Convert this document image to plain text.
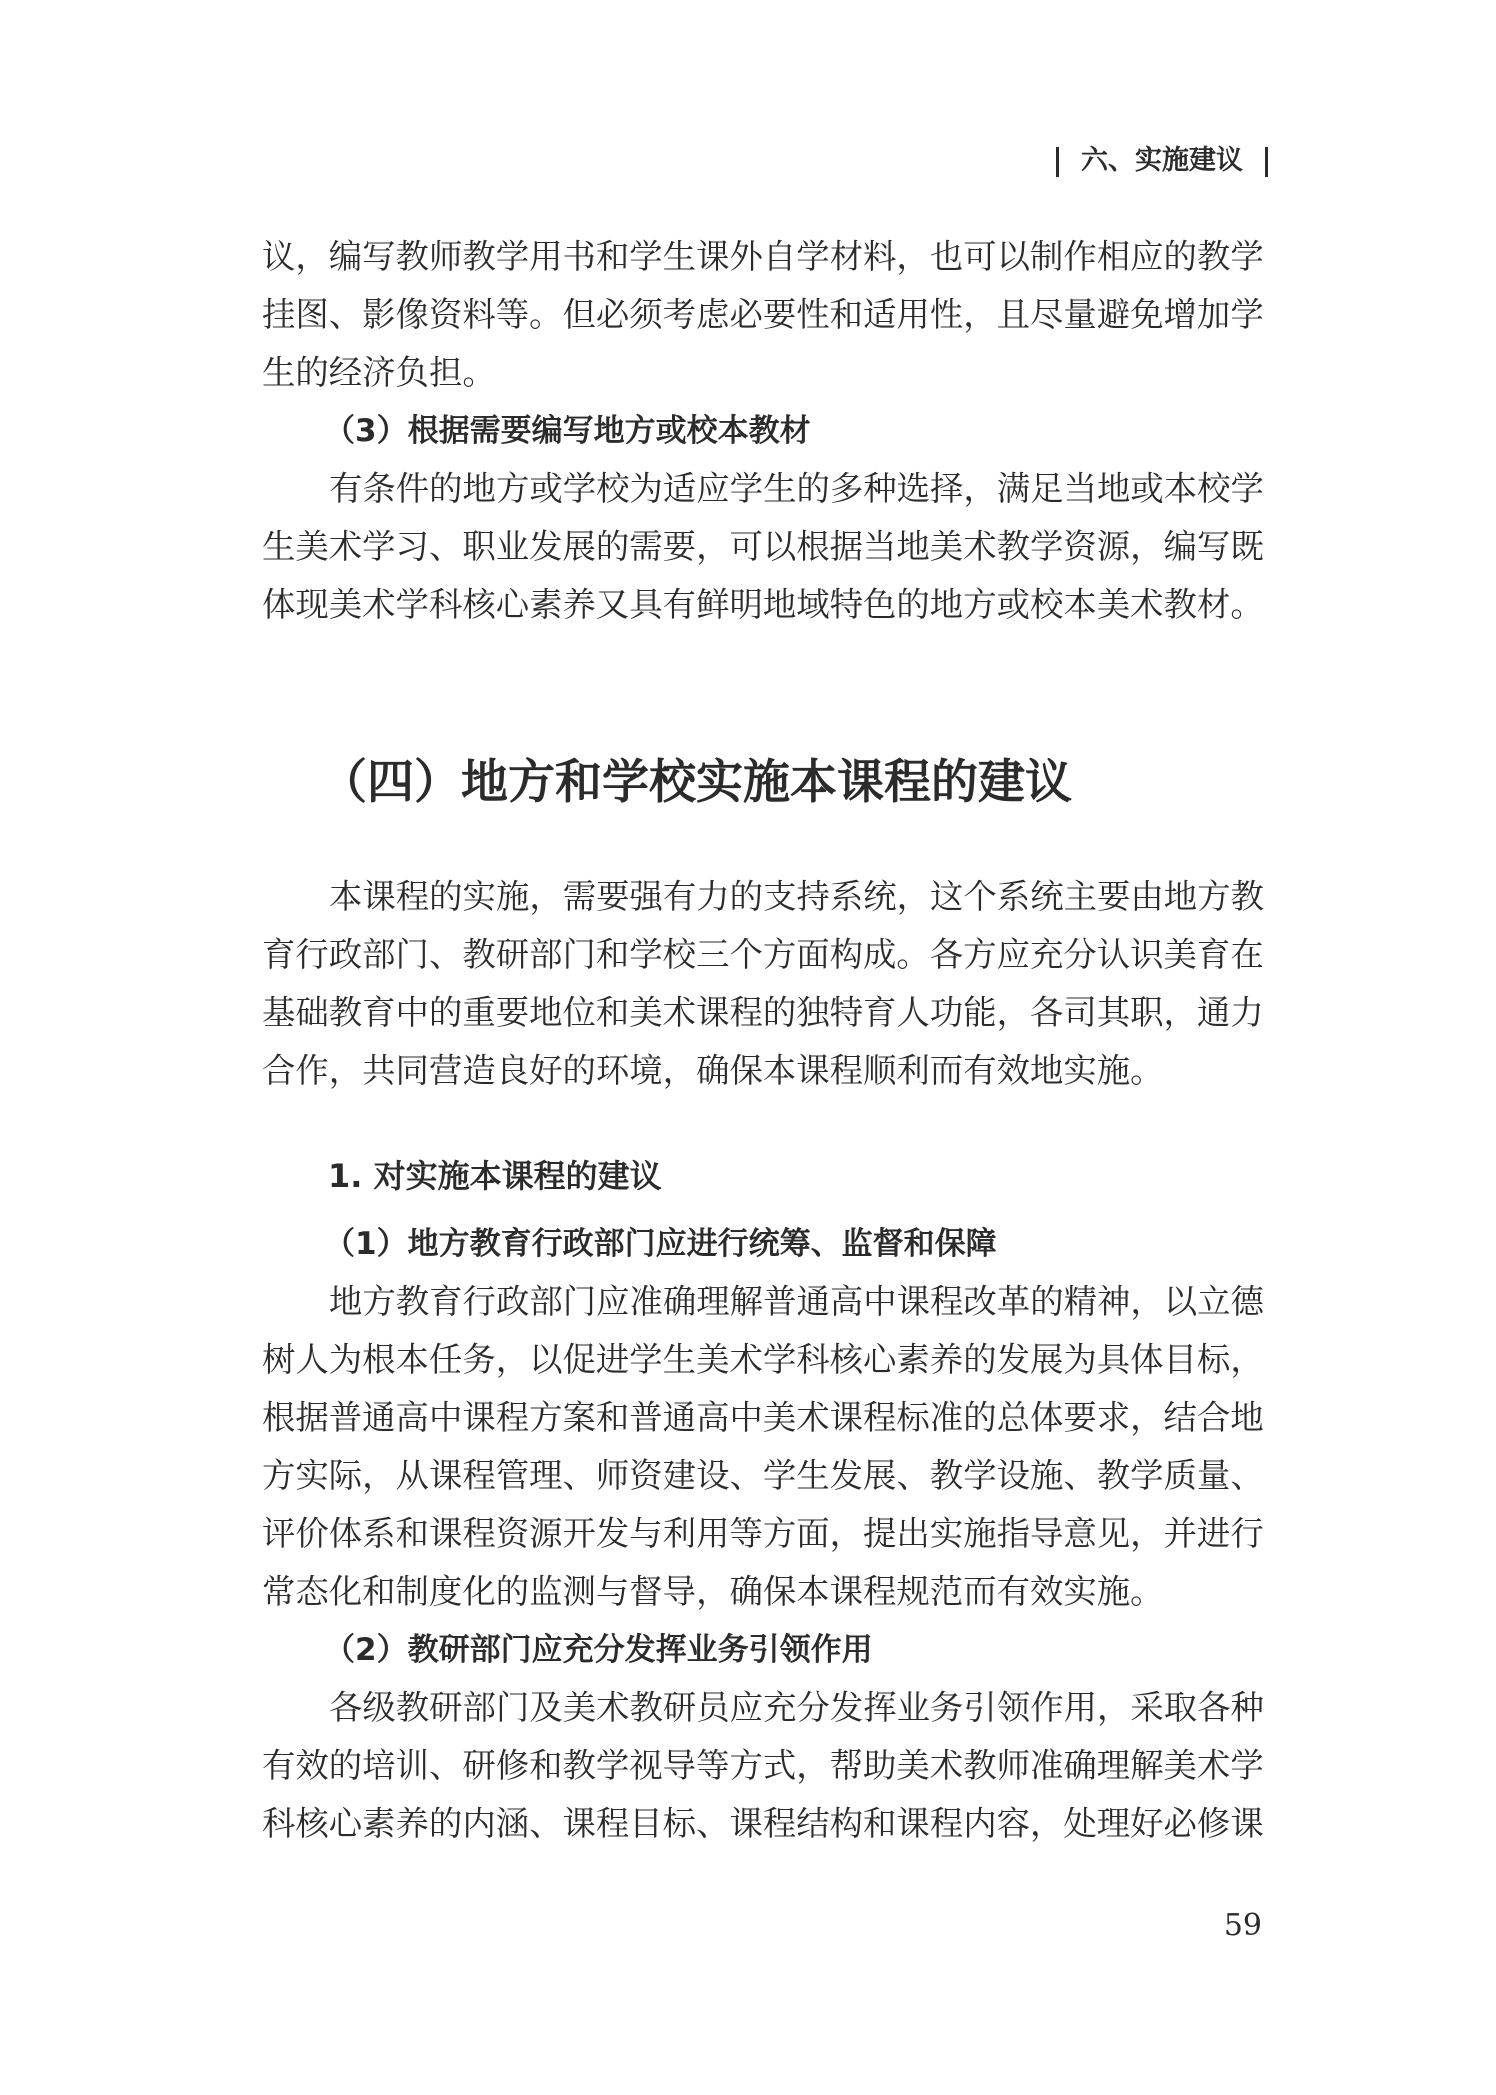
六、实施建议

议，编写教师教学用书和学生课外自学材料，也可以制作相应的教学
挂图、影像资料等。但必须考虑必要性和适用性，且尽量避免增加学
生的经济负担。

（3）根据需要编写地方或校本教材

有条件的地方或学校为适应学生的多种选择，满足当地或本校学
生美术学习、职业发展的需要，可以根据当地美术教学资源，编写既
体现美术学科核心素养又具有鲜明地域特色的地方或校本美术教材。

（四）地方和学校实施本课程的建议

本课程的实施，需要强有力的支持系统，这个系统主要由地方教
育行政部门、教研部门和学校三个方面构成。各方应充分认识美育在
基础教育中的重要地位和美术课程的独特育人功能，各司其职，通力
合作，共同营造良好的环境，确保本课程顺利而有效地实施。

1. 对实施本课程的建议
（1）地方教育行政部门应进行统筹、监督和保障

地方教育行政部门应准确理解普通高中课程改革的精神，以立德
树人为根本任务，以促进学生美术学科核心素养的发展为具体目标，
根据普通高中课程方案和普通高中美术课程标准的总体要求，结合地
方实际，从课程管理、师资建设、学生发展、教学设施、教学质量、
评价体系和课程资源开发与利用等方面，提出实施指导意见，并进行
常态化和制度化的监测与督导，确保本课程规范而有效实施。

（2）教研部门应充分发挥业务引领作用

各级教研部门及美术教研员应充分发挥业务引领作用，采取各种
有效的培训、研修和教学视导等方式，帮助美术教师准确理解美术学
科核心素养的内涵、课程目标、课程结构和课程内容，处理好必修课

59
